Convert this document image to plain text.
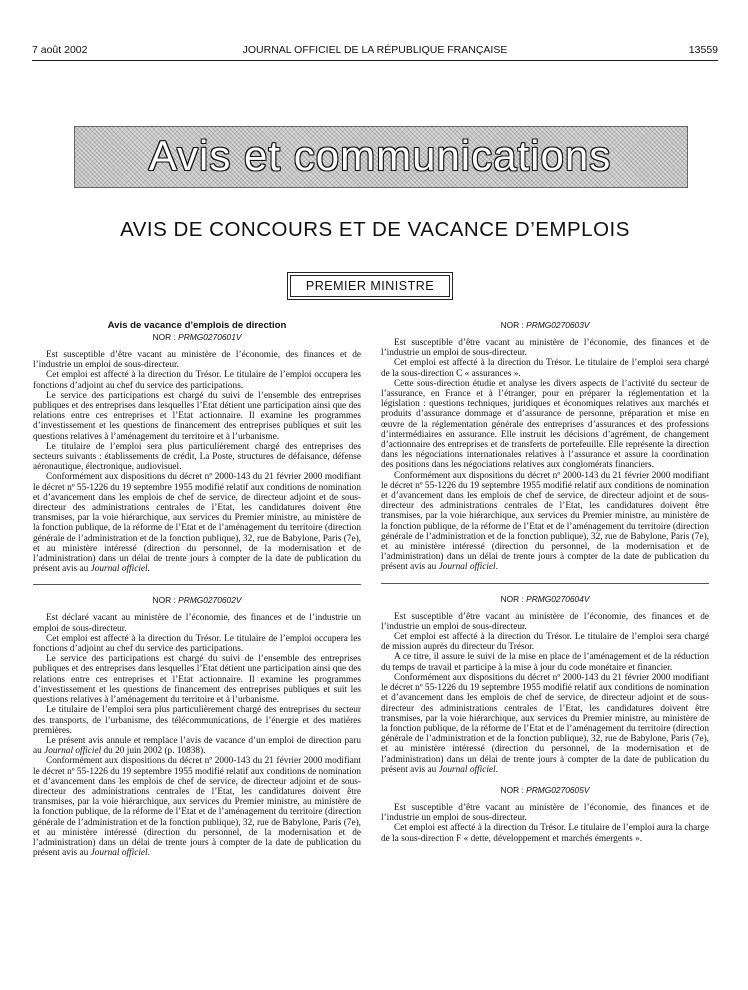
7 août 2002	JOURNAL OFFICIEL DE LA RÉPUBLIQUE FRANÇAISE	13559
Avis et communications
AVIS DE CONCOURS ET DE VACANCE D’EMPLOIS
PREMIER MINISTRE

Avis de vacance d’emplois de direction

NOR : PRMG0270601V

Est susceptible d’être vacant au ministère de l’économie, des finances et de l’industrie un emploi de sous-directeur.

Cet emploi est affecté à la direction du Trésor. Le titulaire de l’emploi occupera les fonctions d’adjoint au chef du service des participations.

Le service des participations est chargé du suivi de l’ensemble des entreprises publiques et des entreprises dans lesquelles l’Etat détient une participation ainsi que des relations entre ces entreprises et l’Etat actionnaire. Il examine les programmes d’investissement et les questions de financement des entreprises publiques et suit les questions relatives à l’aménagement du territoire et à l’urbanisme.

Le titulaire de l’emploi sera plus particulièrement chargé des entreprises des secteurs suivants : établissements de crédit, La Poste, structures de défaisance, défense aéronautique, électronique, audiovisuel.

Conformément aux dispositions du décret nº 2000-143 du 21 février 2000 modifiant le décret nº 55-1226 du 19 septembre 1955 modifié relatif aux conditions de nomination et d’avancement dans les emplois de chef de service, de directeur adjoint et de sous-directeur des administrations centrales de l’Etat, les candidatures doivent être transmises, par la voie hiérarchique, aux services du Premier ministre, au ministère de la fonction publique, de la réforme de l’Etat et de l’aménagement du territoire (direction générale de l’administration et de la fonction publique), 32, rue de Babylone, Paris (7e), et au ministère intéressé (direction du personnel, de la modernisation et de l’administration) dans un délai de trente jours à compter de la date de publication du présent avis au Journal officiel.

NOR : PRMG0270602V

Est déclaré vacant au ministère de l’économie, des finances et de l’industrie un emploi de sous-directeur.

Cet emploi est affecté à la direction du Trésor. Le titulaire de l’emploi occupera les fonctions d’adjoint au chef du service des participations.

Le service des participations est chargé du suivi de l’ensemble des entreprises publiques et des entreprises dans lesquelles l’Etat détient une participation ainsi que des relations entre ces entreprises et l’Etat actionnaire. Il examine les programmes d’investissement et les questions de financement des entreprises publiques et suit les questions relatives à l’aménagement du territoire et à l’urbanisme.

Le titulaire de l’emploi sera plus particulièrement chargé des entreprises du secteur des transports, de l’urbanisme, des télécommunications, de l’énergie et des matières premières.

Le présent avis annule et remplace l’avis de vacance d’un emploi de direction paru au Journal officiel du 20 juin 2002 (p. 10838).

Conformément aux dispositions du décret nº 2000-143 du 21 février 2000 modifiant le décret nº 55-1226 du 19 septembre 1955 modifié relatif aux conditions de nomination et d’avancement dans les emplois de chef de service, de directeur adjoint et de sous-directeur des administrations centrales de l’Etat, les candidatures doivent être transmises, par la voie hiérarchique, aux services du Premier ministre, au ministère de la fonction publique, de la réforme de l’Etat et de l’aménagement du territoire (direction générale de l’administration et de la fonction publique), 32, rue de Babylone, Paris (7e), et au ministère intéressé (direction du personnel, de la modernisation et de l’administration) dans un délai de trente jours à compter de la date de publication du présent avis au Journal officiel.

NOR : PRMG0270603V

Est susceptible d’être vacant au ministère de l’économie, des finances et de l’industrie un emploi de sous-directeur.

Cet emploi est affecté à la direction du Trésor. Le titulaire de l’emploi sera chargé de la sous-direction C « assurances ».

Cette sous-direction étudie et analyse les divers aspects de l’activité du secteur de l’assurance, en France et à l’étranger, pour en préparer la réglementation et la législation : questions techniques, juridiques et économiques relatives aux marchés et produits d’assurance dommage et d’assurance de personne, préparation et mise en œuvre de la réglementation générale des entreprises d’assurances et des professions d’intermédiaires en assurance. Elle instruit les décisions d’agrément, de changement d’actionnaire des entreprises et de transferts de portefeuille. Elle représente la direction dans les négociations internationales relatives à l’assurance et assure la coordination des positions dans les négociations relatives aux conglomérats financiers.

Conformément aux dispositions du décret nº 2000-143 du 21 février 2000 modifiant le décret nº 55-1226 du 19 septembre 1955 modifié relatif aux conditions de nomination et d’avancement dans les emplois de chef de service, de directeur adjoint et de sous-directeur des administrations centrales de l’Etat, les candidatures doivent être transmises, par la voie hiérarchique, aux services du Premier ministre, au ministère de la fonction publique, de la réforme de l’Etat et de l’aménagement du territoire (direction générale de l’administration et de la fonction publique), 32, rue de Babylone, Paris (7e), et au ministère intéressé (direction du personnel, de la modernisation et de l’administration) dans un délai de trente jours à compter de la date de publication du présent avis au Journal officiel.

NOR : PRMG0270604V

Est susceptible d’être vacant au ministère de l’économie, des finances et de l’industrie un emploi de sous-directeur.

Cet emploi est affecté à la direction du Trésor. Le titulaire de l’emploi sera chargé de mission auprès du directeur du Trésor.

A ce titre, il assure le suivi de la mise en place de l’aménagement et de la réduction du temps de travail et participe à la mise à jour du code monétaire et financier.

Conformément aux dispositions du décret nº 2000-143 du 21 février 2000 modifiant le décret nº 55-1226 du 19 septembre 1955 modifié relatif aux conditions de nomination et d’avancement dans les emplois de chef de service, de directeur adjoint et de sous-directeur des administrations centrales de l’Etat, les candidatures doivent être transmises, par la voie hiérarchique, aux services du Premier ministre, au ministère de la fonction publique, de la réforme de l’Etat et de l’aménagement du territoire (direction générale de l’administration et de la fonction publique), 32, rue de Babylone, Paris (7e), et au ministère intéressé (direction du personnel, de la modernisation et de l’administration) dans un délai de trente jours à compter de la date de publication du présent avis au Journal officiel.

NOR : PRMG0270605V

Est susceptible d’être vacant au ministère de l’économie, des finances et de l’industrie un emploi de sous-directeur.

Cet emploi est affecté à la direction du Trésor. Le titulaire de l’emploi aura la charge de la sous-direction F « dette, développement et marchés émergents ».
